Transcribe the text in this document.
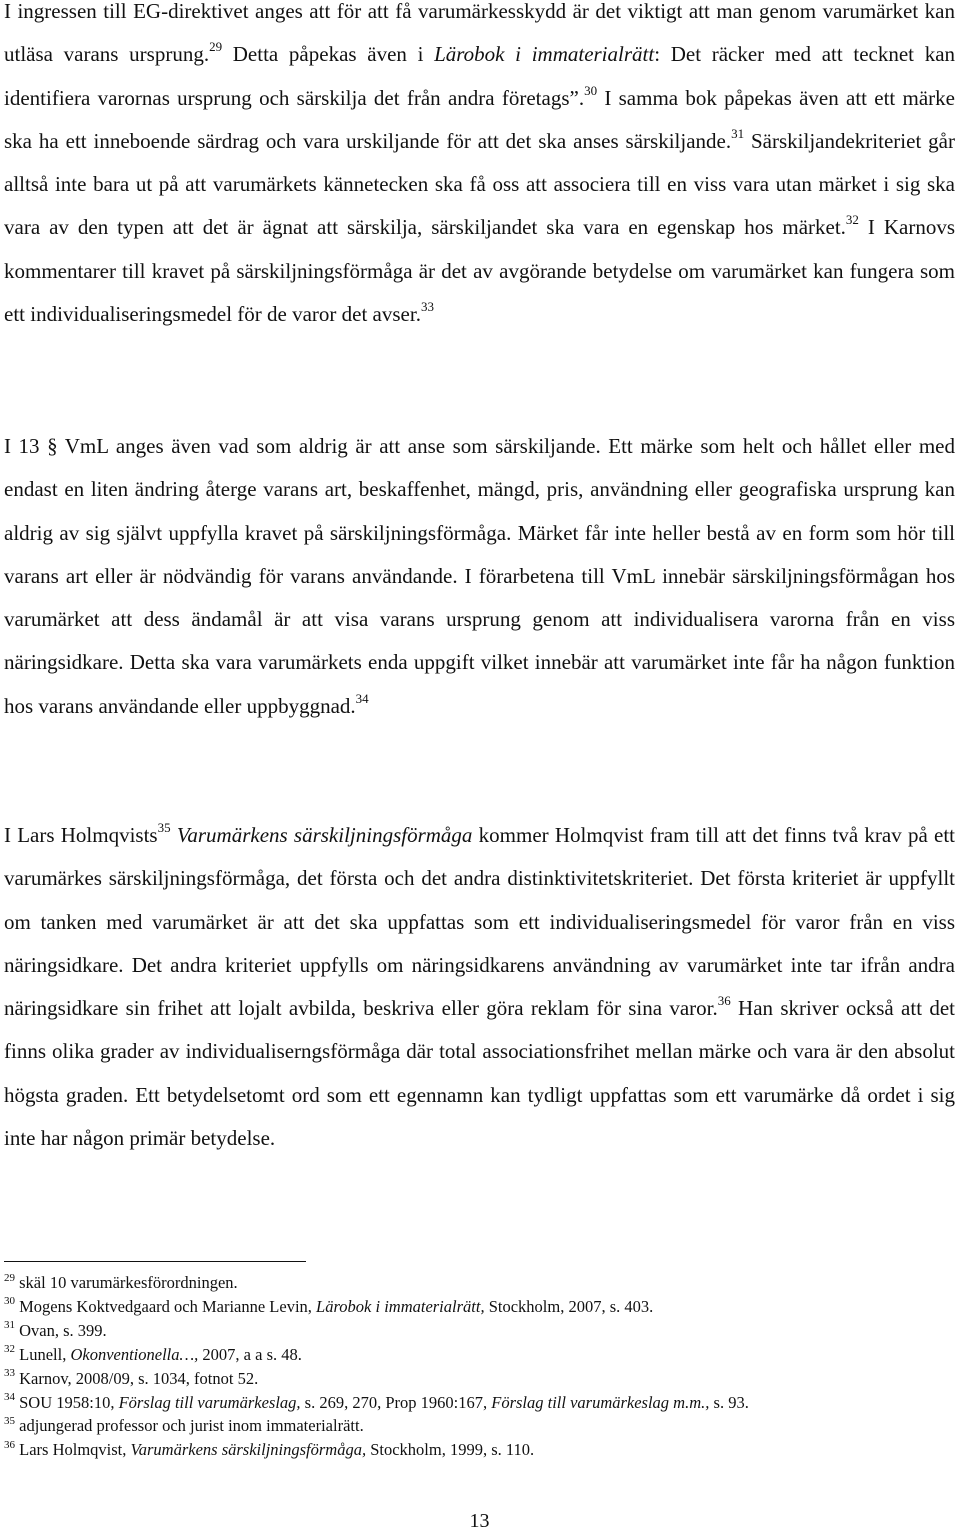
I ingressen till EG-direktivet anges att för att få varumärkesskydd är det viktigt att man genom varumärket kan utläsa varans ursprung.$^{29}$ Detta påpekas även i Lärobok i immaterialrätt: Det räcker med att tecknet kan identifiera varornas ursprung och särskilja det från andra företags”.$^{30}$ I samma bok påpekas även att ett märke ska ha ett inneboende särdrag och vara urskiljande för att det ska anses särskiljande.$^{31}$ Särskiljandekriteriet går alltså inte bara ut på att varumärkets kännetecken ska få oss att associera till en viss vara utan märket i sig ska vara av den typen att det är ägnat att särskilja, särskiljandet ska vara en egenskap hos märket.$^{32}$ I Karnovs kommentarer till kravet på särskiljningsförmåga är det av avgörande betydelse om varumärket kan fungera som ett individualiseringsmedel för de varor det avser.$^{33}$

I 13 § VmL anges även vad som aldrig är att anse som särskiljande. Ett märke som helt och hållet eller med endast en liten ändring återge varans art, beskaffenhet, mängd, pris, användning eller geografiska ursprung kan aldrig av sig självt uppfylla kravet på särskiljningsförmåga. Märket får inte heller bestå av en form som hör till varans art eller är nödvändig för varans användande. I förarbetena till VmL innebär särskiljningsförmågan hos varumärket att dess ändamål är att visa varans ursprung genom att individualisera varorna från en viss näringsidkare. Detta ska vara varumärkets enda uppgift vilket innebär att varumärket inte får ha någon funktion hos varans användande eller uppbyggnad.$^{34}$

I Lars Holmqvists$^{35}$ Varumärkens särskiljningsförmåga kommer Holmqvist fram till att det finns två krav på ett varumärkes särskiljningsförmåga, det första och det andra distinktivitetskriteriet. Det första kriteriet är uppfyllt om tanken med varumärket är att det ska uppfattas som ett individualiseringsmedel för varor från en viss näringsidkare. Det andra kriteriet uppfylls om näringsidkarens användning av varumärket inte tar ifrån andra näringsidkare sin frihet att lojalt avbilda, beskriva eller göra reklam för sina varor.$^{36}$ Han skriver också att det finns olika grader av individualiserngsförmåga där total associationsfrihet mellan märke och vara är den absolut högsta graden. Ett betydelsetomt ord som ett egennamn kan tydligt uppfattas som ett varumärke då ordet i sig inte har någon primär betydelse.

$^{29}$ skäl 10 varumärkesförordningen.

$^{30}$ Mogens Koktvedgaard och Marianne Levin, Lärobok i immaterialrätt, Stockholm, 2007, s. 403.

$^{31}$ Ovan, s. 399.

$^{32}$ Lunell, Okonventionella…, 2007, a a s. 48.

$^{33}$ Karnov, 2008/09, s. 1034, fotnot 52.

$^{34}$ SOU 1958:10, Förslag till varumärkeslag, s. 269, 270, Prop 1960:167, Förslag till varumärkeslag m.m., s. 93.

$^{35}$ adjungerad professor och jurist inom immaterialrätt.

$^{36}$ Lars Holmqvist, Varumärkens särskiljningsförmåga, Stockholm, 1999, s. 110.

13
